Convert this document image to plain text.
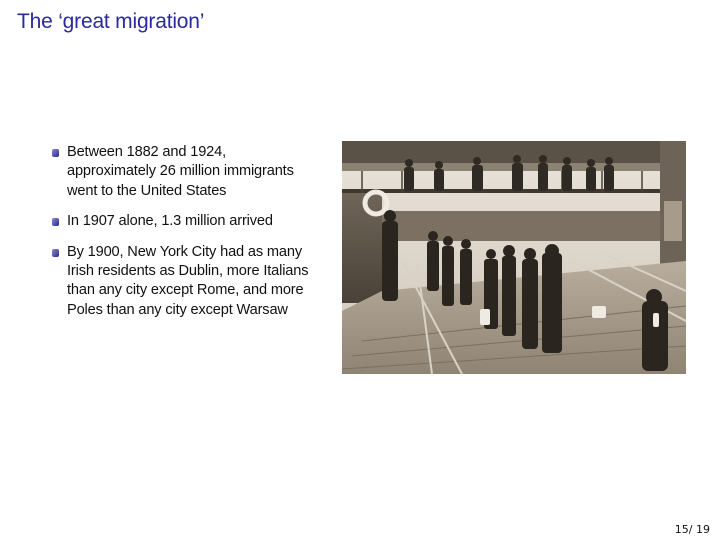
The ‘great migration’
Between 1882 and 1924, approximately 26 million immigrants went to the United States
In 1907 alone, 1.3 million arrived
By 1900, New York City had as many Irish residents as Dublin, more Italians than any city except Rome, and more Poles than any city except Warsaw
15/ 19
